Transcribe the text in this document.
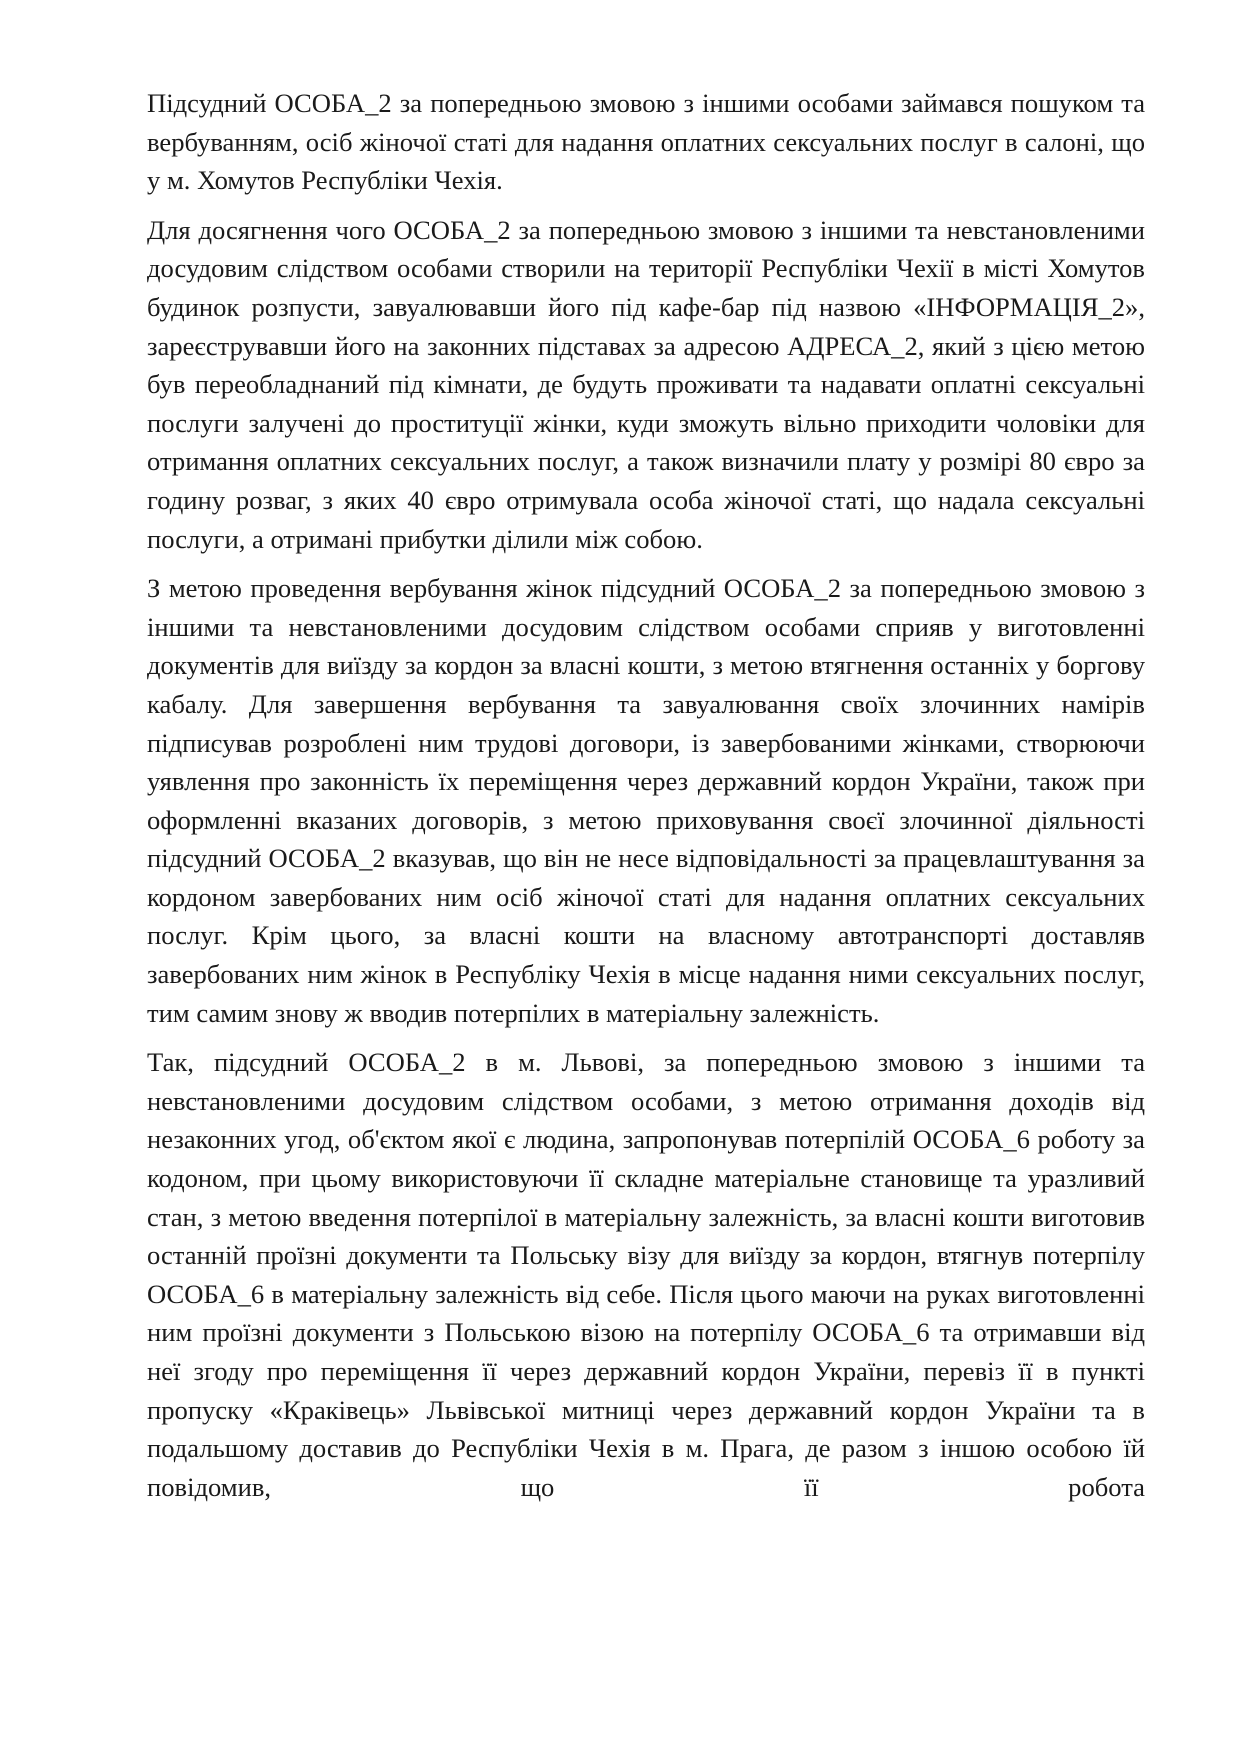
Підсудний ОСОБА_2 за попередньою змовою з іншими особами займався пошуком та вербуванням, осіб жіночої статі для надання оплатних сексуальних послуг в салоні, що у м. Хомутов Республіки Чехія.

Для досягнення чого ОСОБА_2 за попередньою змовою з іншими та невстановленими досудовим слідством особами створили на території Республіки Чехії в місті Хомутов будинок розпусти, завуалювавши його під кафе-бар під назвою «ІНФОРМАЦІЯ_2», зареєструвавши його на законних підставах за адресою АДРЕСА_2, який з цією метою був переобладнаний під кімнати, де будуть проживати та надавати оплатні сексуальні послуги залучені до проституції жінки, куди зможуть вільно приходити чоловіки для отримання оплатних сексуальних послуг, а також визначили плату у розмірі 80 євро за годину розваг, з яких 40 євро отримувала особа жіночої статі, що надала сексуальні послуги, а отримані прибутки ділили між собою.

З метою проведення вербування жінок підсудний ОСОБА_2 за попередньою змовою з іншими та невстановленими досудовим слідством особами сприяв у виготовленні документів для виїзду за кордон за власні кошти, з метою втягнення останніх у боргову кабалу. Для завершення вербування та завуалювання своїх злочинних намірів підписував розроблені ним трудові договори, із завербованими жінками, створюючи уявлення про законність їх переміщення через державний кордон України, також при оформленні вказаних договорів, з метою приховування своєї злочинної діяльності підсудний ОСОБА_2 вказував, що він не несе відповідальності за працевлаштування за кордоном завербованих ним осіб жіночої статі для надання оплатних сексуальних послуг. Крім цього, за власні кошти на власному автотранспорті доставляв завербованих ним жінок в Республіку Чехія в місце надання ними сексуальних послуг, тим самим знову ж вводив потерпілих в матеріальну залежність.

Так, підсудний ОСОБА_2 в м. Львові, за попередньою змовою з іншими та невстановленими досудовим слідством особами, з метою отримання доходів від незаконних угод, об'єктом якої є людина, запропонував потерпілій ОСОБА_6 роботу за кодоном, при цьому використовуючи її складне матеріальне становище та уразливий стан, з метою введення потерпілої в матеріальну залежність, за власні кошти виготовив останній проїзні документи та Польську візу для виїзду за кордон, втягнув потерпілу ОСОБА_6 в матеріальну залежність від себе. Після цього маючи на руках виготовленні ним проїзні документи з Польською візою на потерпілу ОСОБА_6 та отримавши від неї згоду про переміщення її через державний кордон України, перевіз її в пункті пропуску «Краківець» Львівської митниці через державний кордон України та в подальшому доставив до Республіки Чехія в м. Прага, де разом з іншою особою їй повідомив, що її робота
